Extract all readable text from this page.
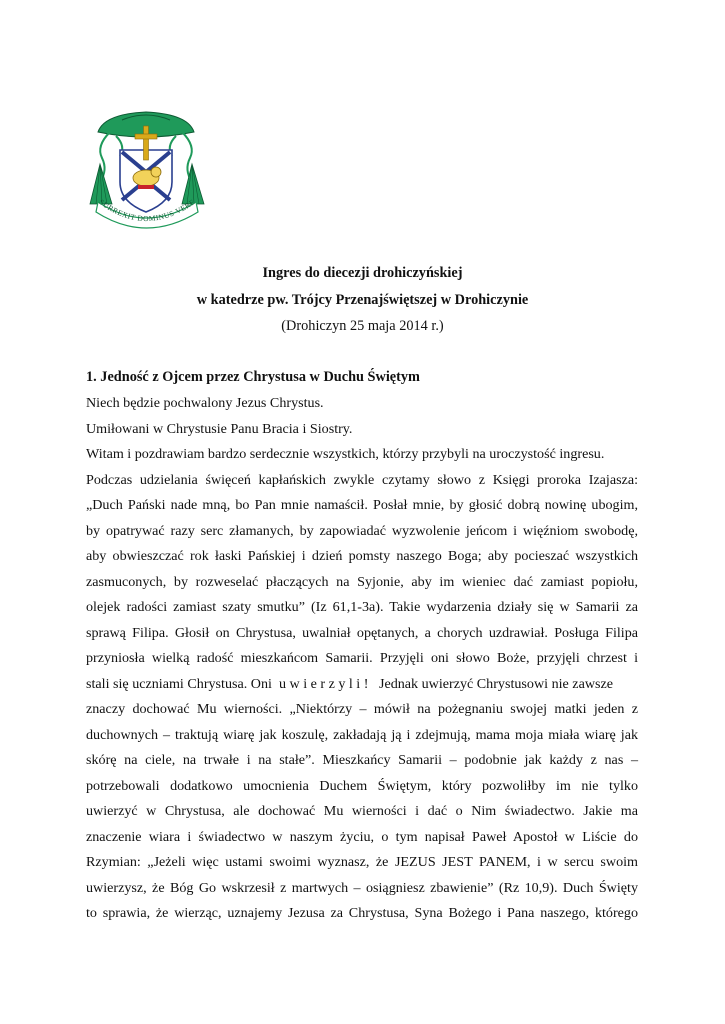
SURREXIT DOMINUS VERE
Ingres do diecezji drohiczyńskiej
w katedrze pw. Trójcy Przenajświętszej w Drohiczynie
(Drohiczyn 25 maja 2014 r.)
1. Jedność z Ojcem przez Chrystusa w Duchu Świętym
Niech będzie pochwalony Jezus Chrystus.
Umiłowani w Chrystusie Panu Bracia i Siostry.
Witam i pozdrawiam bardzo serdecznie wszystkich, którzy przybyli na uroczystość ingresu.
Podczas udzielania święceń kapłańskich zwykle czytamy słowo z Księgi proroka Izajasza:
„Duch Pański nade mną, bo Pan mnie namaścił. Posłał mnie, by głosić dobrą nowinę ubogim,
by opatrywać razy serc złamanych, by zapowiadać wyzwolenie jeńcom i więźniom swobodę,
aby obwieszczać rok łaski Pańskiej i dzień pomsty naszego Boga; aby pocieszać wszystkich
zasmuconych, by rozweselać płaczących na Syjonie, aby im wieniec dać zamiast popiołu,
olejek radości zamiast szaty smutku” (Iz 61,1-3a). Takie wydarzenia działy się w Samarii za
sprawą Filipa. Głosił on Chrystusa, uwalniał opętanych, a chorych uzdrawiał. Posługa Filipa
przyniosła wielką radość mieszkańcom Samarii. Przyjęli oni słowo Boże, przyjęli chrzest i
stali się uczniami Chrystusa. Oni uwierzyli! Jednak uwierzyć Chrystusowi nie zawsze
znaczy dochować Mu wierności. „Niektórzy – mówił na pożegnaniu swojej matki jeden z
duchownych – traktują wiarę jak koszulę, zakładają ją i zdejmują, mama moja miała wiarę jak
skórę na ciele, na trwałe i na stałe”. Mieszkańcy Samarii – podobnie jak każdy z nas –
potrzebowali dodatkowo umocnienia Duchem Świętym, który pozwoliłby im nie tylko
uwierzyć w Chrystusa, ale dochować Mu wierności i dać o Nim świadectwo. Jakie ma
znaczenie wiara i świadectwo w naszym życiu, o tym napisał Paweł Apostoł w Liście do
Rzymian: „Jeżeli więc ustami swoimi wyznasz, że JEZUS JEST PANEM, i w sercu swoim
uwierzysz, że Bóg Go wskrzesił z martwych – osiągniesz zbawienie” (Rz 10,9). Duch Święty
to sprawia, że wierząc, uznajemy Jezusa za Chrystusa, Syna Bożego i Pana naszego, którego
